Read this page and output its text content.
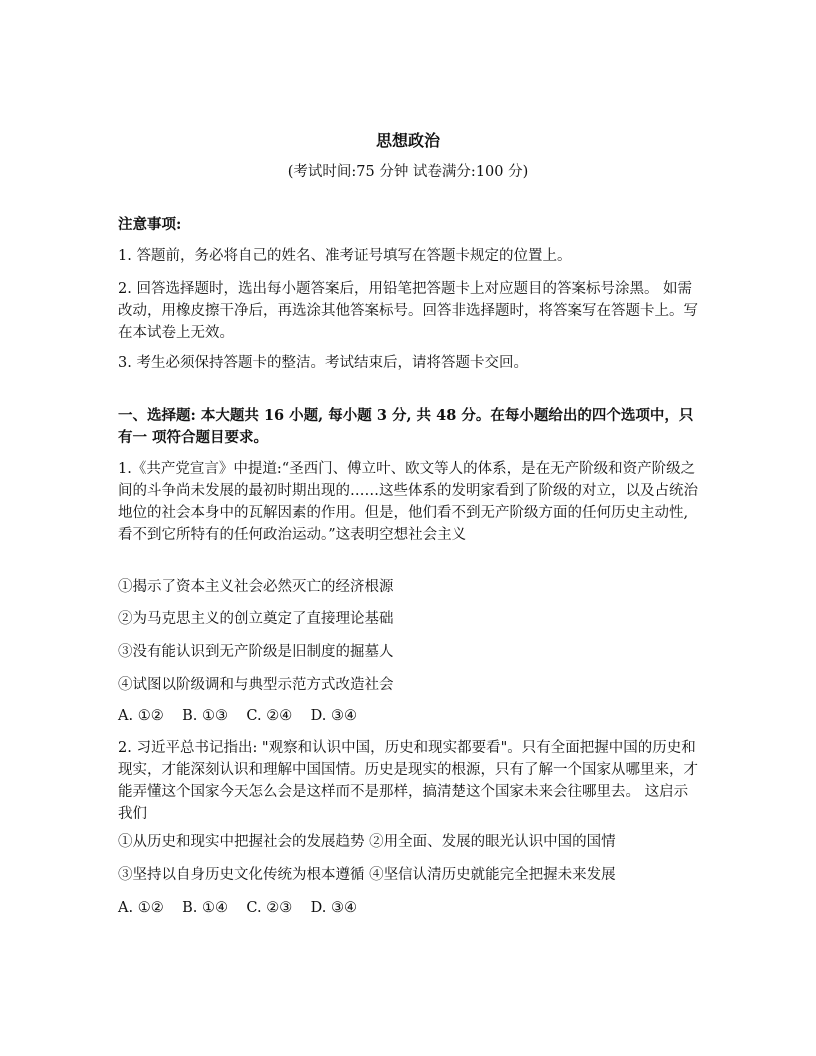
思想政治
(考试时间:75 分钟 试卷满分:100 分)
注意事项:
1. 答题前，务必将自己的姓名、准考证号填写在答题卡规定的位置上。
2. 回答选择题时，选出每小题答案后，用铅笔把答题卡上对应题目的答案标号涂黑。 如需改动，用橡皮擦干净后，再选涂其他答案标号。回答非选择题时，将答案写在答题卡上。写在本试卷上无效。
3. 考生必须保持答题卡的整洁。考试结束后，请将答题卡交回。
一、选择题: 本大题共 16 小题, 每小题 3 分, 共 48 分。在每小题给出的四个选项中，只有一 项符合题目要求。
1.《共产党宣言》中提道:“圣西门、傅立叶、欧文等人的体系，是在无产阶级和资产阶级之间的斗争尚未发展的最初时期出现的……这些体系的发明家看到了阶级的对立，以及占统治地位的社会本身中的瓦解因素的作用。但是，他们看不到无产阶级方面的任何历史主动性,看不到它所特有的任何政治运动。”这表明空想社会主义
①揭示了资本主义社会必然灭亡的经济根源
②为马克思主义的创立奠定了直接理论基础
③没有能认识到无产阶级是旧制度的掘墓人
④试图以阶级调和与典型示范方式改造社会
A. ①②    B. ①③    C. ②④    D. ③④
2. 习近平总书记指出: "观察和认识中国，历史和现实都要看"。只有全面把握中国的历史和现实，才能深刻认识和理解中国国情。历史是现实的根源，只有了解一个国家从哪里来，才能弄懂这个国家今天怎么会是这样而不是那样，搞清楚这个国家未来会往哪里去。 这启示我们
①从历史和现实中把握社会的发展趋势 ②用全面、发展的眼光认识中国的国情
③坚持以自身历史文化传统为根本遵循 ④坚信认清历史就能完全把握未来发展
A. ①②    B. ①④    C. ②③    D. ③④
